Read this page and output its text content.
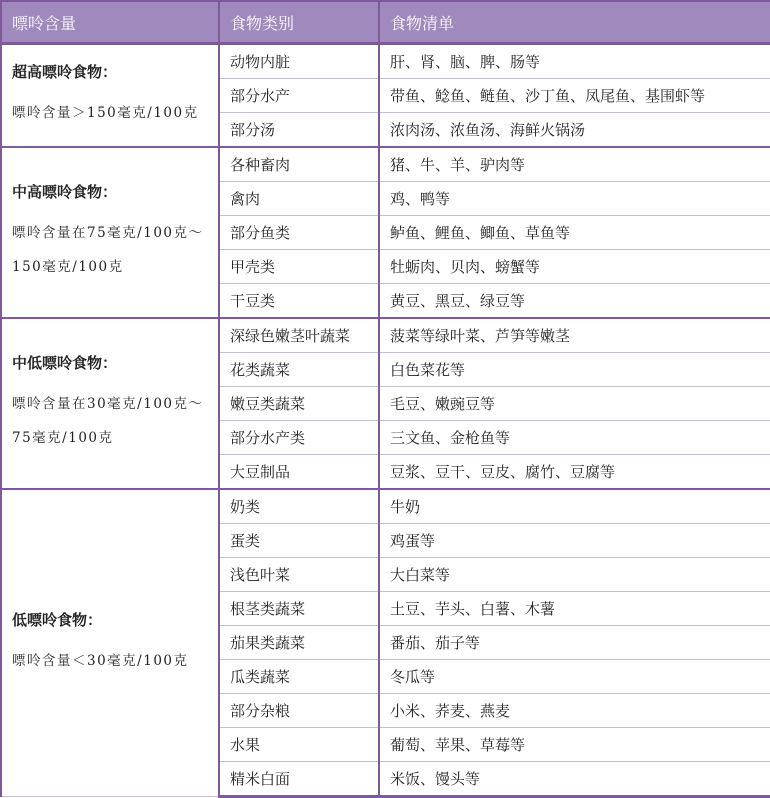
嘌呤含量	食物类别	食物清单

超高嘌呤食物：
嘌呤含量＞150毫克/100克	动物内脏	肝、肾、脑、脾、肠等
	部分水产	带鱼、鲶鱼、鲢鱼、沙丁鱼、凤尾鱼、基围虾等
	部分汤	浓肉汤、浓鱼汤、海鲜火锅汤

中高嘌呤食物：
嘌呤含量在75毫克/100克～150毫克/100克	各种畜肉	猪、牛、羊、驴肉等
	禽肉	鸡、鸭等
	部分鱼类	鲈鱼、鲤鱼、鲫鱼、草鱼等
	甲壳类	牡蛎肉、贝肉、螃蟹等
	干豆类	黄豆、黑豆、绿豆等

中低嘌呤食物：
嘌呤含量在30毫克/100克～75毫克/100克	深绿色嫩茎叶蔬菜	菠菜等绿叶菜、芦笋等嫩茎
	花类蔬菜	白色菜花等
	嫩豆类蔬菜	毛豆、嫩豌豆等
	部分水产类	三文鱼、金枪鱼等
	大豆制品	豆浆、豆干、豆皮、腐竹、豆腐等

低嘌呤食物：
嘌呤含量＜30毫克/100克	奶类	牛奶
	蛋类	鸡蛋等
	浅色叶菜	大白菜等
	根茎类蔬菜	土豆、芋头、白薯、木薯
	茄果类蔬菜	番茄、茄子等
	瓜类蔬菜	冬瓜等
	部分杂粮	小米、荞麦、燕麦
	水果	葡萄、苹果、草莓等
	精米白面	米饭、馒头等
